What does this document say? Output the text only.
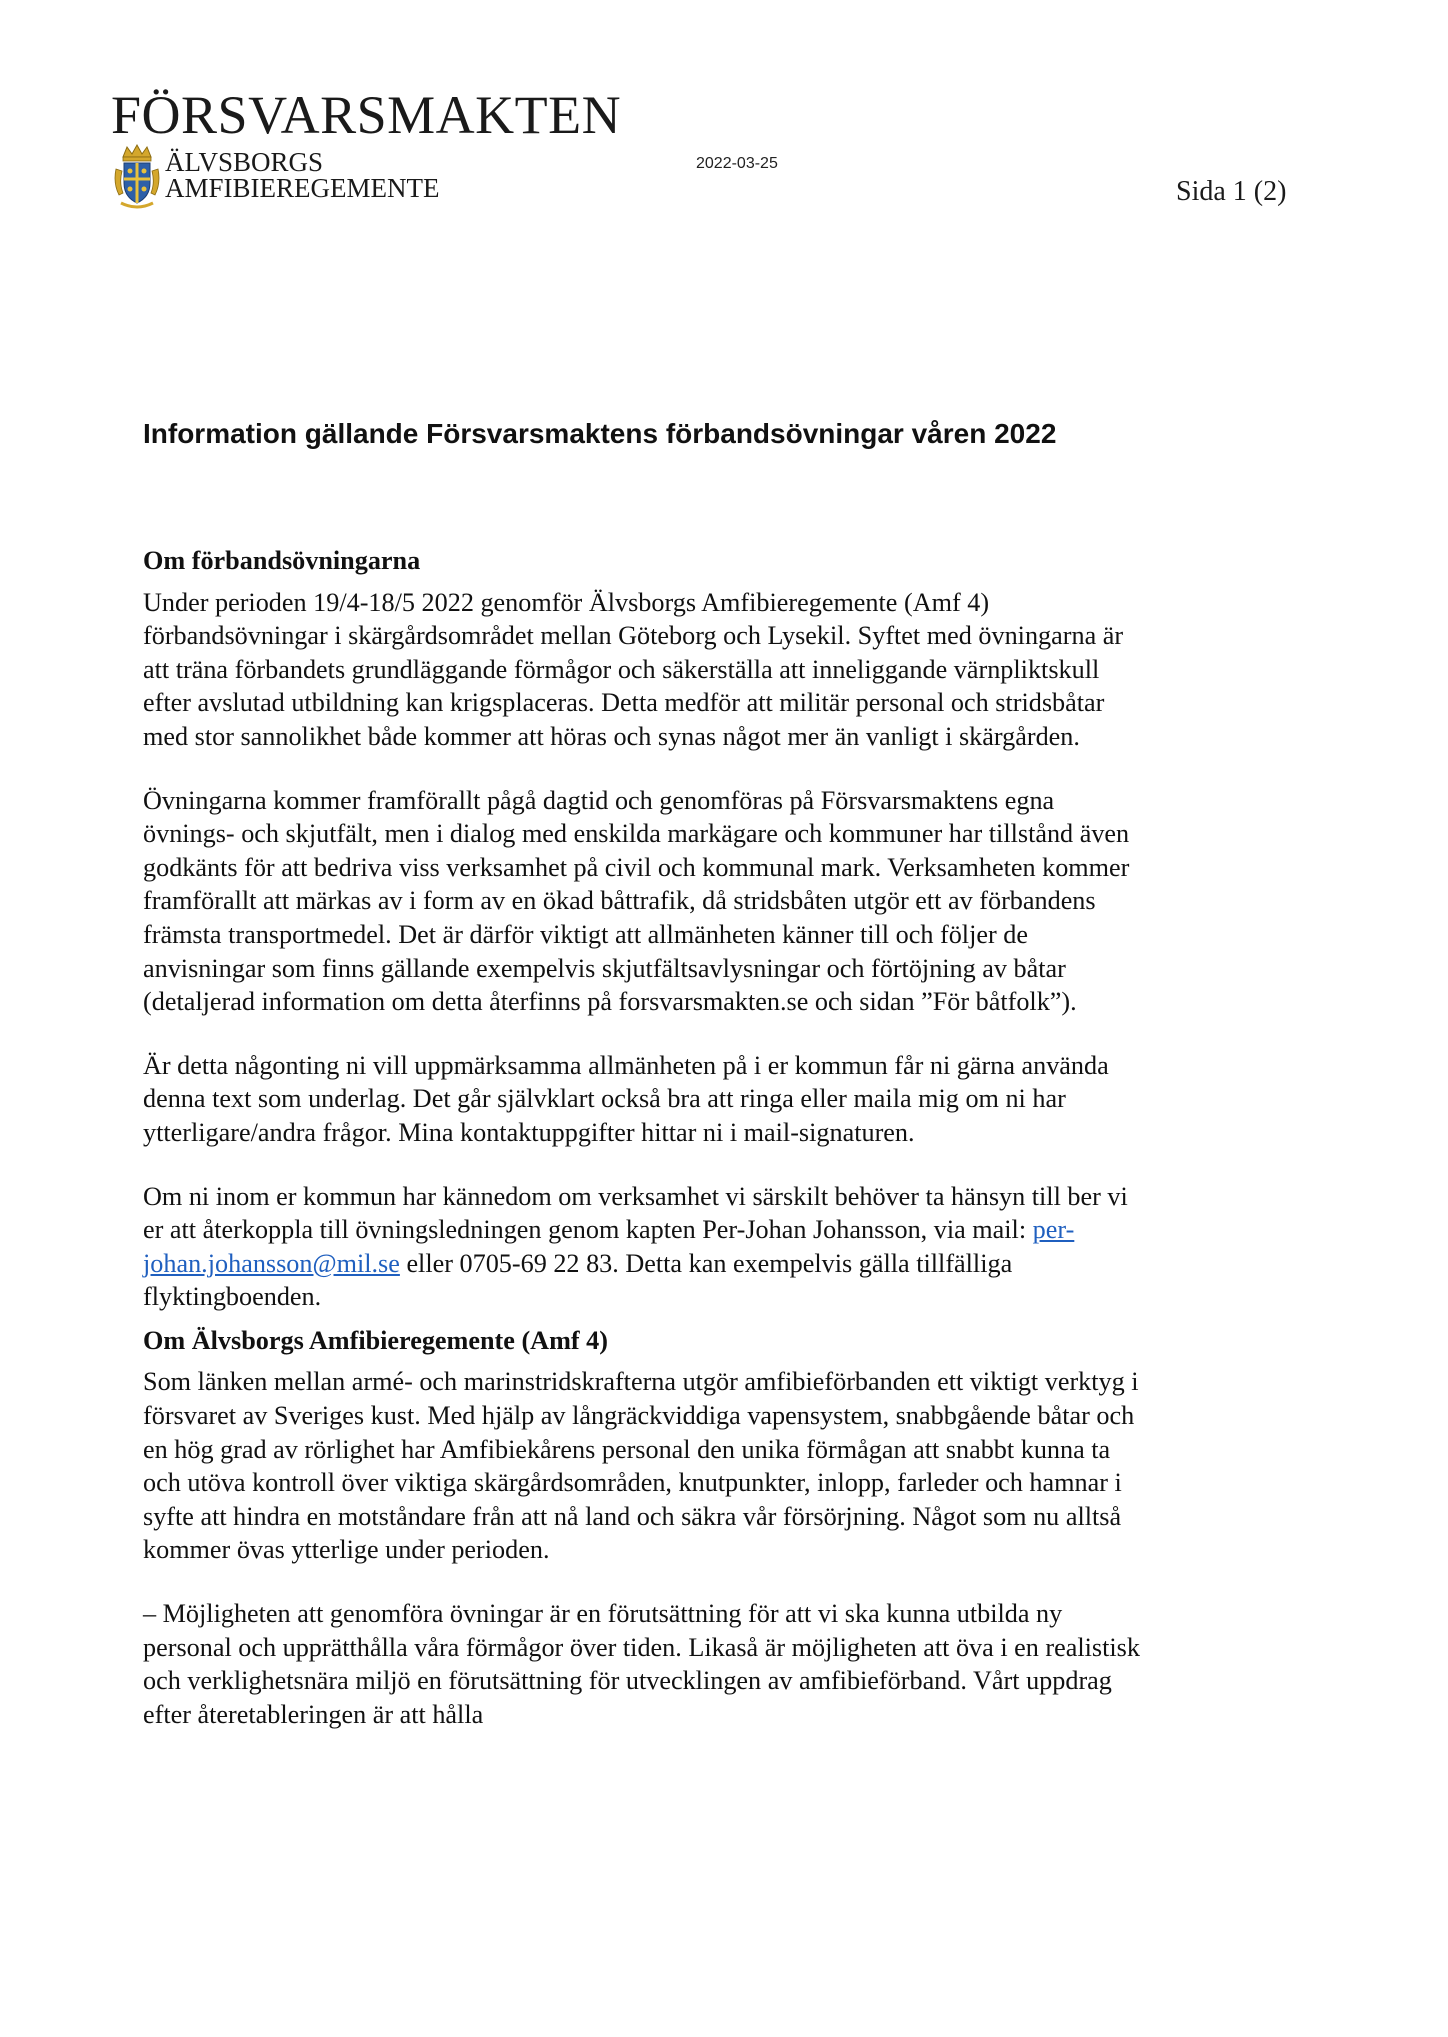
FÖRSVARSMAKTEN
ÄLVSBORGS
AMFIBIEREGEMENTE
2022-03-25
Sida 1 (2)
Information gällande Försvarsmaktens förbandsövningar våren 2022
Om förbandsövningarna

Under perioden 19/4-18/5 2022 genomför Älvsborgs Amfibieregemente (Amf 4) förbandsövningar i skärgårdsområdet mellan Göteborg och Lysekil. Syftet med övningarna är att träna förbandets grundläggande förmågor och säkerställa att inneliggande värnpliktskull efter avslutad utbildning kan krigsplaceras. Detta medför att militär personal och stridsbåtar med stor sannolikhet både kommer att höras och synas något mer än vanligt i skärgården.

Övningarna kommer framförallt pågå dagtid och genomföras på Försvarsmaktens egna övnings- och skjutfält, men i dialog med enskilda markägare och kommuner har tillstånd även godkänts för att bedriva viss verksamhet på civil och kommunal mark. Verksamheten kommer framförallt att märkas av i form av en ökad båttrafik, då stridsbåten utgör ett av förbandens främsta transportmedel. Det är därför viktigt att allmänheten känner till och följer de anvisningar som finns gällande exempelvis skjutfältsavlysningar och förtöjning av båtar (detaljerad information om detta återfinns på forsvarsmakten.se och sidan ”För båtfolk”).

Är detta någonting ni vill uppmärksamma allmänheten på i er kommun får ni gärna använda denna text som underlag. Det går självklart också bra att ringa eller maila mig om ni har ytterligare/andra frågor. Mina kontaktuppgifter hittar ni i mail-signaturen.

Om ni inom er kommun har kännedom om verksamhet vi särskilt behöver ta hänsyn till ber vi er att återkoppla till övningsledningen genom kapten Per-Johan Johansson, via mail: per-johan.johansson@mil.se eller 0705-69 22 83. Detta kan exempelvis gälla tillfälliga flyktingboenden.

Om Älvsborgs Amfibieregemente (Amf 4)

Som länken mellan armé- och marinstridskrafterna utgör amfibieförbanden ett viktigt verktyg i försvaret av Sveriges kust. Med hjälp av långräckviddiga vapensystem, snabbgående båtar och en hög grad av rörlighet har Amfibiekårens personal den unika förmågan att snabbt kunna ta och utöva kontroll över viktiga skärgårdsområden, knutpunkter, inlopp, farleder och hamnar i syfte att hindra en motståndare från att nå land och säkra vår försörjning. Något som nu alltså kommer övas ytterlige under perioden.

– Möjligheten att genomföra övningar är en förutsättning för att vi ska kunna utbilda ny personal och upprätthålla våra förmågor över tiden. Likaså är möjligheten att öva i en realistisk och verklighetsnära miljö en förutsättning för utvecklingen av amfibieförband. Vårt uppdrag efter återetableringen är att hålla
